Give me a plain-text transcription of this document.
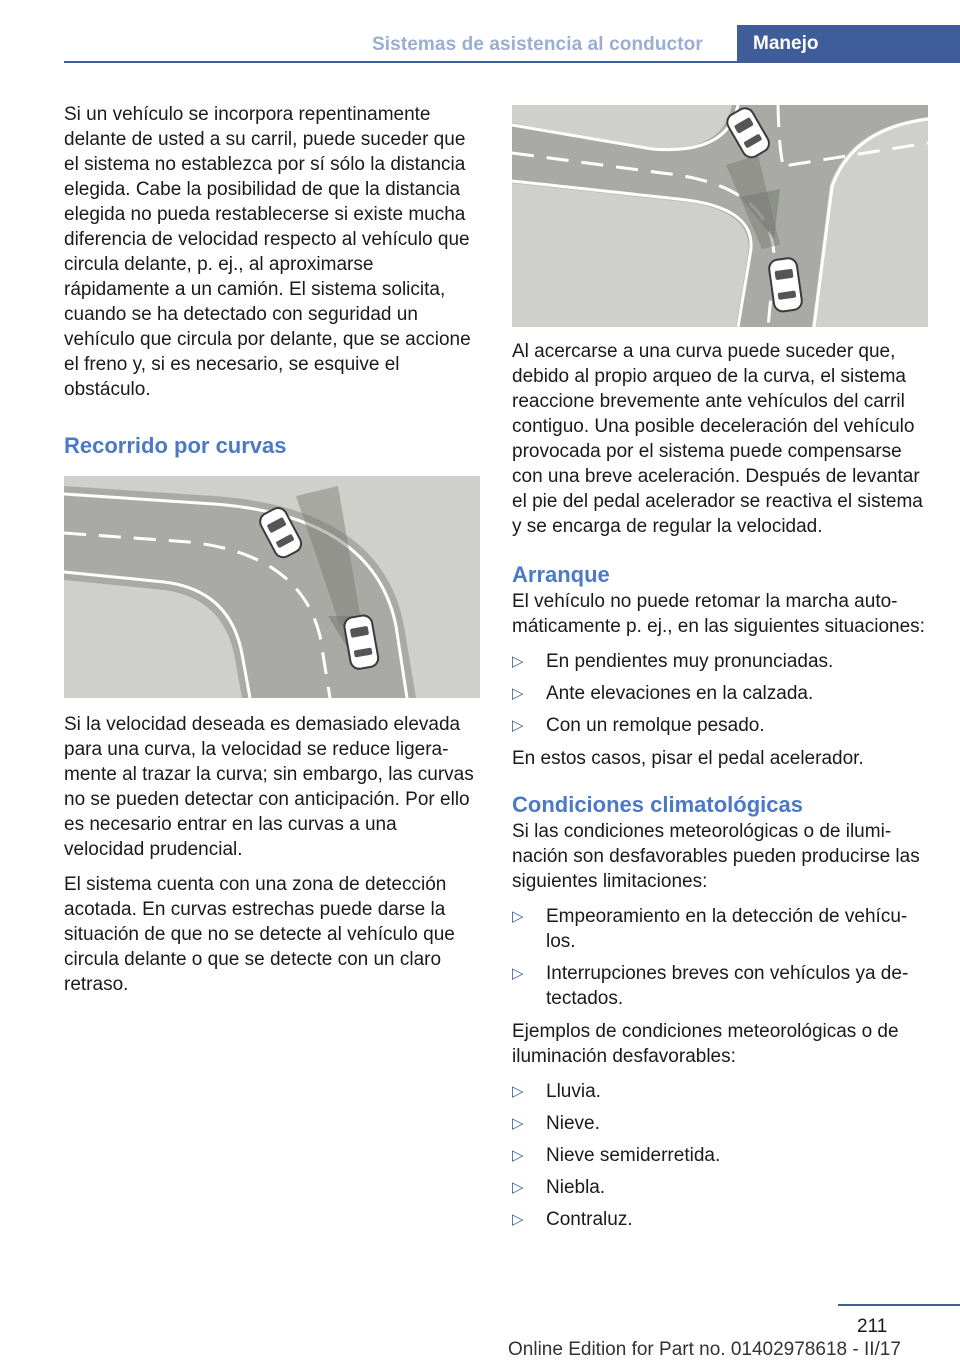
Sistemas de asistencia al conductor	Manejo

Si un vehículo se incorpora repentinamente delante de usted a su carril, puede suceder que el sistema no establezca por sí sólo la distancia elegida. Cabe la posibilidad de que la distancia elegida no pueda restablecerse si existe mucha diferencia de velocidad respecto al vehículo que circula delante, p. ej., al aproximarse rápidamente a un camión. El sistema solicita, cuando se ha detectado con seguridad un vehículo que circula por delante, que se accione el freno y, si es necesario, se esquive el obstáculo.

Recorrido por curvas

Si la velocidad deseada es demasiado elevada para una curva, la velocidad se reduce ligeramente al trazar la curva; sin embargo, las curvas no se pueden detectar con anticipación. Por ello es necesario entrar en las curvas a una velocidad prudencial.

El sistema cuenta con una zona de detección acotada. En curvas estrechas puede darse la situación de que no se detecte al vehículo que circula delante o que se detecte con un claro retraso.

Al acercarse a una curva puede suceder que, debido al propio arqueo de la curva, el sistema reaccione brevemente ante vehículos del carril contiguo. Una posible deceleración del vehículo provocada por el sistema puede compensarse con una breve aceleración. Después de levantar el pie del pedal acelerador se reactiva el sistema y se encarga de regular la velocidad.

Arranque

El vehículo no puede retomar la marcha automáticamente p. ej., en las siguientes situaciones:

▷ En pendientes muy pronunciadas.
▷ Ante elevaciones en la calzada.
▷ Con un remolque pesado.

En estos casos, pisar el pedal acelerador.

Condiciones climatológicas

Si las condiciones meteorológicas o de iluminación son desfavorables pueden producirse las siguientes limitaciones:

▷ Empeoramiento en la detección de vehículos.
▷ Interrupciones breves con vehículos ya detectados.

Ejemplos de condiciones meteorológicas o de iluminación desfavorables:

▷ Lluvia.
▷ Nieve.
▷ Nieve semiderretida.
▷ Niebla.
▷ Contraluz.
211
Online Edition for Part no. 01402978618 - II/17
